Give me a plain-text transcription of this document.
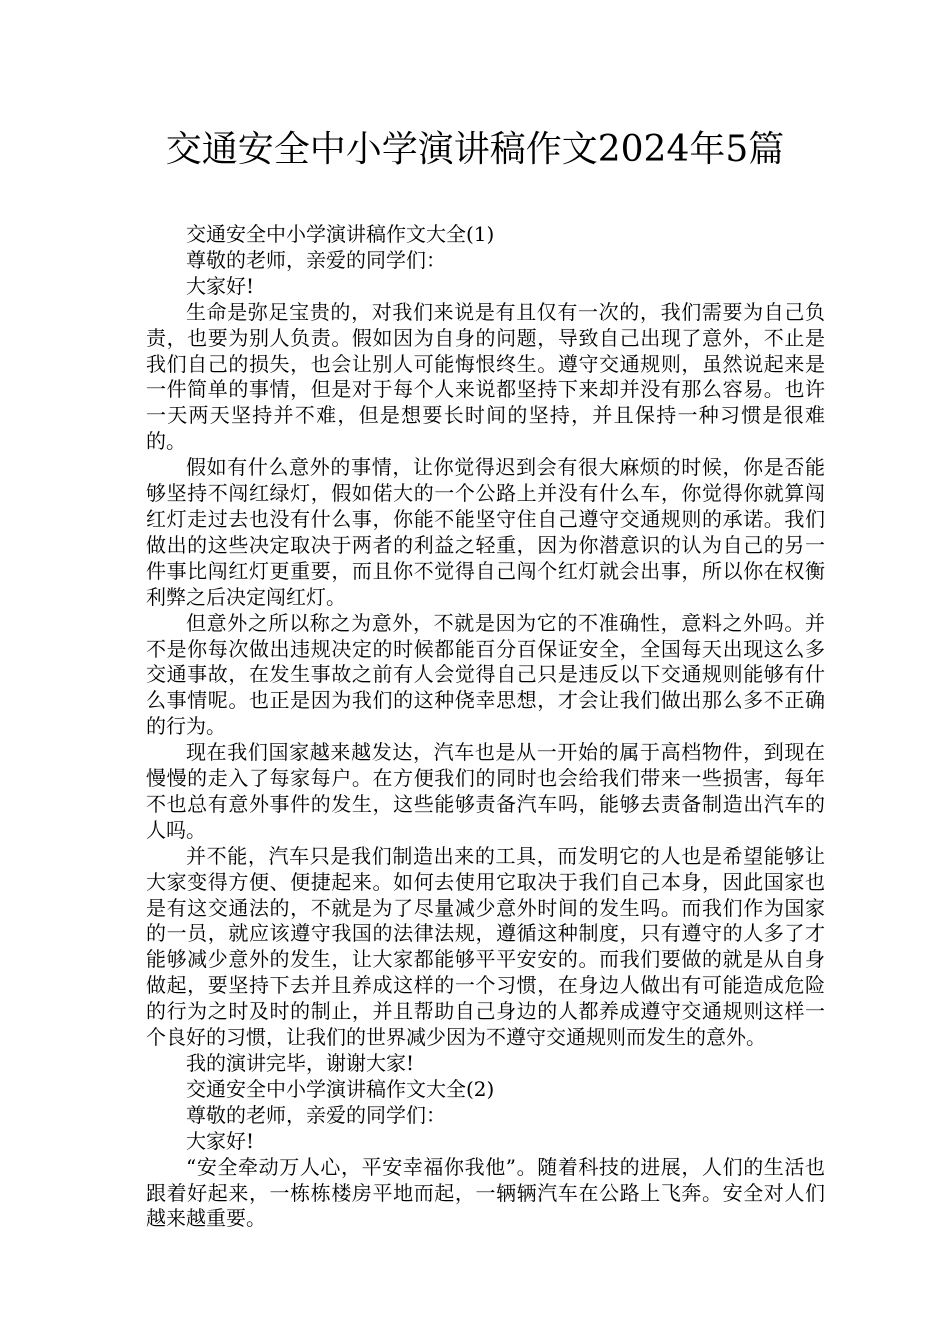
交通安全中小学演讲稿作文2024年5篇

交通安全中小学演讲稿作文大全(1)

尊敬的老师，亲爱的同学们：

大家好!

生命是弥足宝贵的，对我们来说是有且仅有一次的，我们需要为自己负责，也要为别人负责。假如因为自身的问题，导致自己出现了意外，不止是我们自己的损失，也会让别人可能悔恨终生。遵守交通规则，虽然说起来是一件简单的事情，但是对于每个人来说都坚持下来却并没有那么容易。也许一天两天坚持并不难，但是想要长时间的坚持，并且保持一种习惯是很难的。

假如有什么意外的事情，让你觉得迟到会有很大麻烦的时候，你是否能够坚持不闯红绿灯，假如偌大的一个公路上并没有什么车，你觉得你就算闯红灯走过去也没有什么事，你能不能坚守住自己遵守交通规则的承诺。我们做出的这些决定取决于两者的利益之轻重，因为你潜意识的认为自己的另一件事比闯红灯更重要，而且你不觉得自己闯个红灯就会出事，所以你在权衡利弊之后决定闯红灯。

但意外之所以称之为意外，不就是因为它的不准确性，意料之外吗。并不是你每次做出违规决定的时候都能百分百保证安全，全国每天出现这么多交通事故，在发生事故之前有人会觉得自己只是违反以下交通规则能够有什么事情呢。也正是因为我们的这种侥幸思想，才会让我们做出那么多不正确的行为。

现在我们国家越来越发达，汽车也是从一开始的属于高档物件，到现在慢慢的走入了每家每户。在方便我们的同时也会给我们带来一些损害，每年不也总有意外事件的发生，这些能够责备汽车吗，能够去责备制造出汽车的人吗。

并不能，汽车只是我们制造出来的工具，而发明它的人也是希望能够让大家变得方便、便捷起来。如何去使用它取决于我们自己本身，因此国家也是有这交通法的，不就是为了尽量减少意外时间的发生吗。而我们作为国家的一员，就应该遵守我国的法律法规，遵循这种制度，只有遵守的人多了才能够减少意外的发生，让大家都能够平平安安的。而我们要做的就是从自身做起，要坚持下去并且养成这样的一个习惯，在身边人做出有可能造成危险的行为之时及时的制止，并且帮助自己身边的人都养成遵守交通规则这样一个良好的习惯，让我们的世界减少因为不遵守交通规则而发生的意外。

我的演讲完毕，谢谢大家!

交通安全中小学演讲稿作文大全(2)

尊敬的老师，亲爱的同学们：

大家好!

“安全牵动万人心，平安幸福你我他”。随着科技的进展，人们的生活也跟着好起来，一栋栋楼房平地而起，一辆辆汽车在公路上飞奔。安全对人们越来越重要。
